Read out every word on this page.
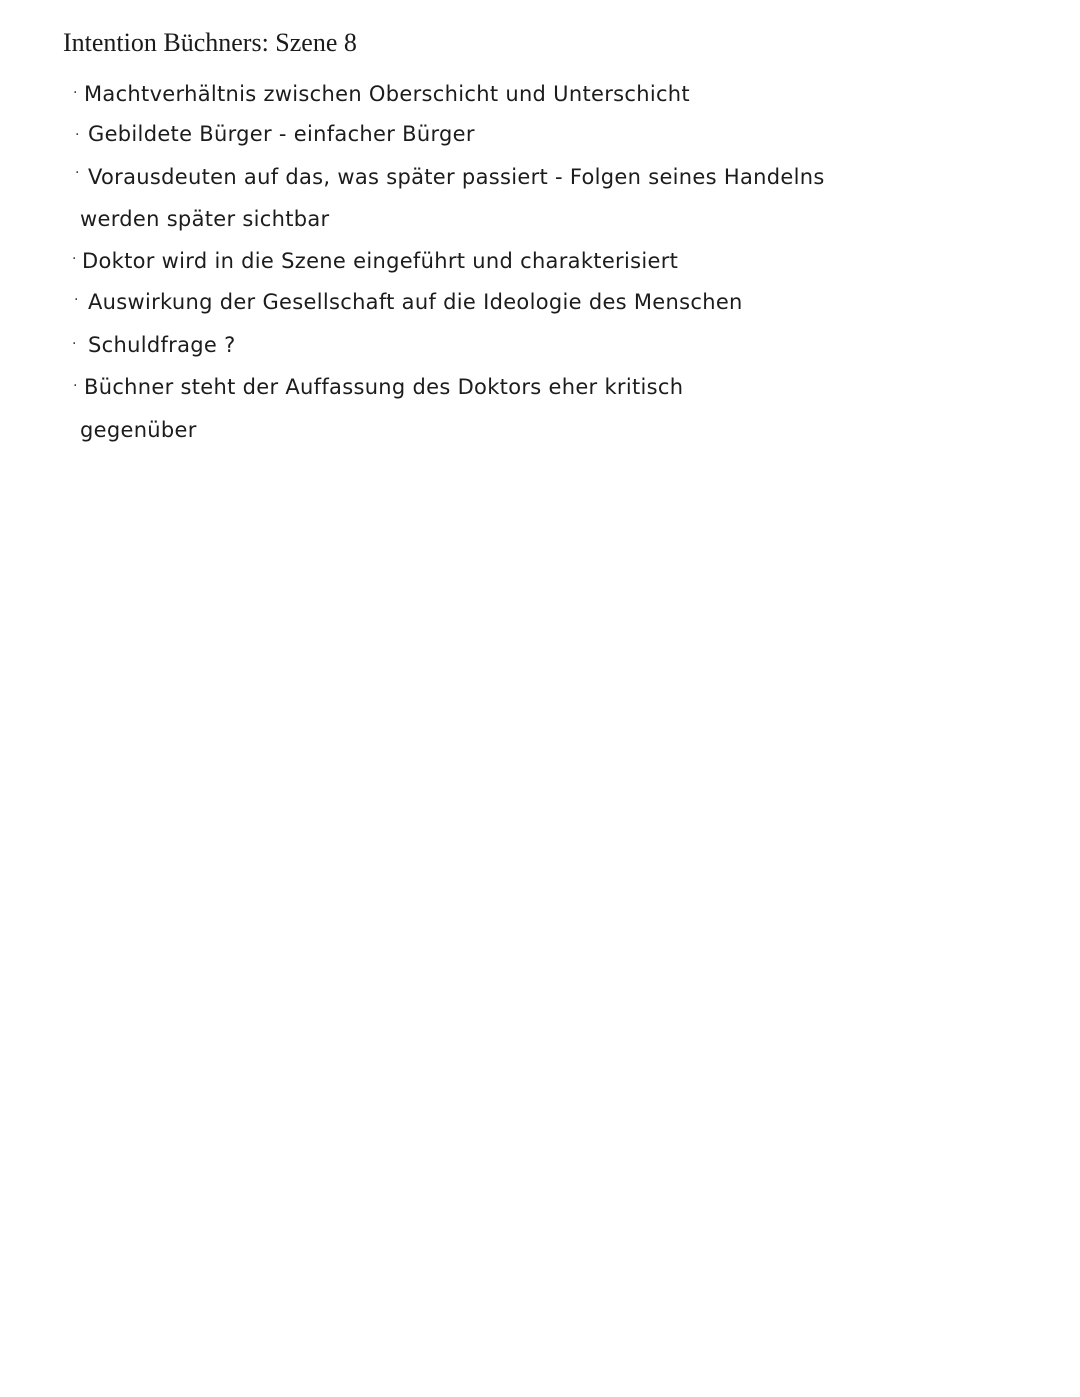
Intention Büchners: Szene 8
· Machtverhältnis zwischen Oberschicht und Unterschicht
· Gebildete Bürger - einfacher Bürger
· Vorausdeuten auf das, was später passiert - Folgen seines Handelns
werden später sichtbar
· Doktor wird in die Szene eingeführt und charakterisiert
· Auswirkung der Gesellschaft auf die Ideologie des Menschen
· Schuldfrage ?
· Büchner steht der Auffassung des Doktors eher kritisch
gegenüber
